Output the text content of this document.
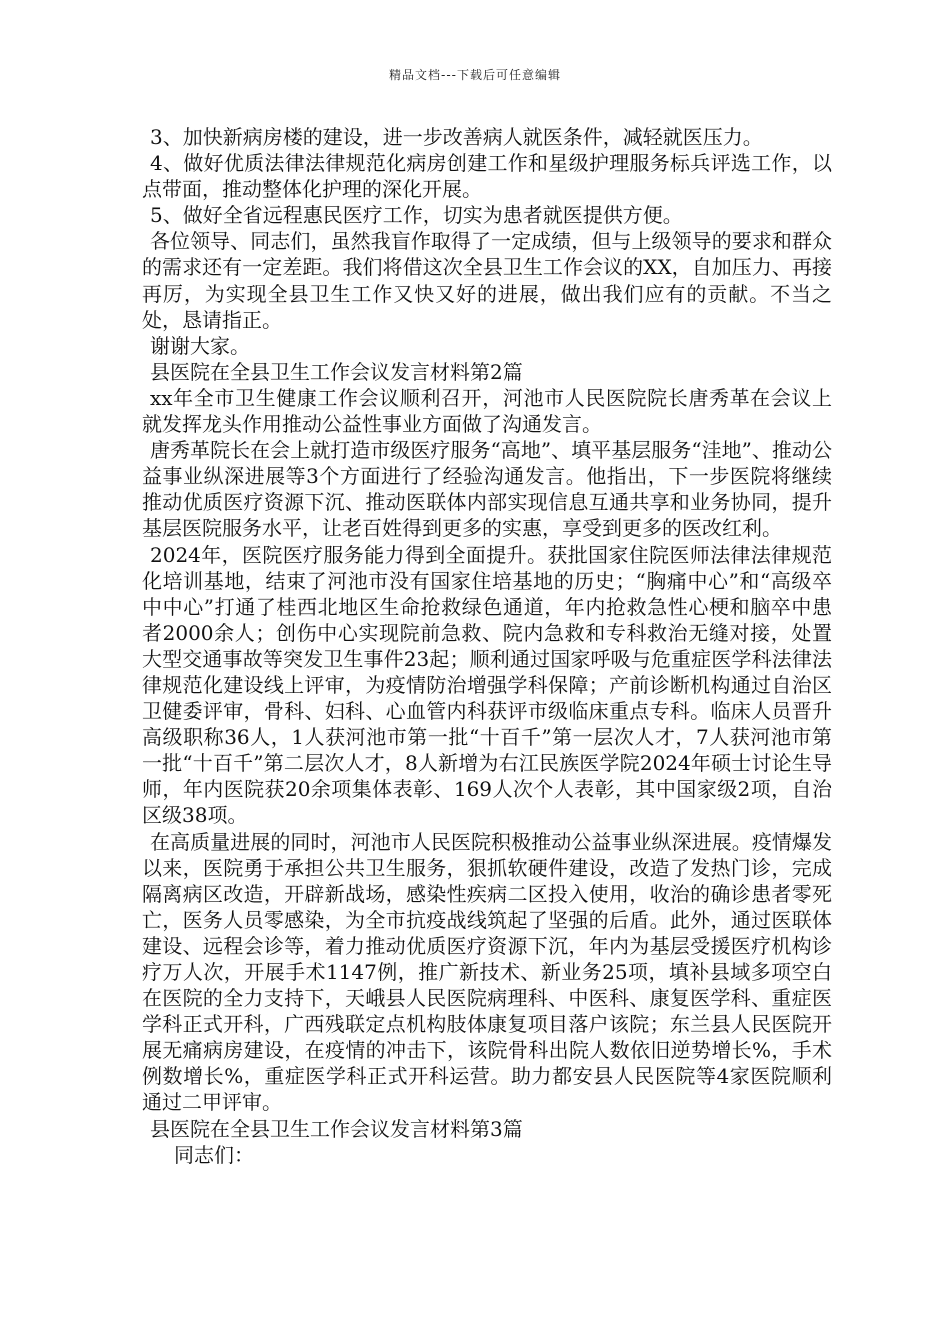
精品文档---下载后可任意编辑

3、加快新病房楼的建设，进一步改善病人就医条件，减轻就医压力。

4、做好优质法律法律规范化病房创建工作和星级护理服务标兵评选工作，以点带面，推动整体化护理的深化开展。

5、做好全省远程惠民医疗工作，切实为患者就医提供方便。

各位领导、同志们，虽然我盲作取得了一定成绩，但与上级领导的要求和群众的需求还有一定差距。我们将借这次全县卫生工作会议的XX，自加压力、再接再厉，为实现全县卫生工作又快又好的进展，做出我们应有的贡献。不当之处，恳请指正。

谢谢大家。

县医院在全县卫生工作会议发言材料第2篇

xx年全市卫生健康工作会议顺利召开，河池市人民医院院长唐秀革在会议上就发挥龙头作用推动公益性事业方面做了沟通发言。

唐秀革院长在会上就打造市级医疗服务“高地”、填平基层服务“洼地”、推动公益事业纵深进展等3个方面进行了经验沟通发言。他指出，下一步医院将继续推动优质医疗资源下沉、推动医联体内部实现信息互通共享和业务协同，提升基层医院服务水平，让老百姓得到更多的实惠，享受到更多的医改红利。

2024年，医院医疗服务能力得到全面提升。获批国家住院医师法律法律规范化培训基地，结束了河池市没有国家住培基地的历史；“胸痛中心”和“高级卒中中心”打通了桂西北地区生命抢救绿色通道，年内抢救急性心梗和脑卒中患者2000余人；创伤中心实现院前急救、院内急救和专科救治无缝对接，处置大型交通事故等突发卫生事件23起；顺利通过国家呼吸与危重症医学科法律法律规范化建设线上评审，为疫情防治增强学科保障；产前诊断机构通过自治区卫健委评审，骨科、妇科、心血管内科获评市级临床重点专科。临床人员晋升高级职称36人，1人获河池市第一批“十百千”第一层次人才，7人获河池市第一批“十百千”第二层次人才，8人新增为右江民族医学院2024年硕士讨论生导师，年内医院获20余项集体表彰、169人次个人表彰，其中国家级2项，自治区级38项。

在高质量进展的同时，河池市人民医院积极推动公益事业纵深进展。疫情爆发以来，医院勇于承担公共卫生服务，狠抓软硬件建设，改造了发热门诊，完成隔离病区改造，开辟新战场，感染性疾病二区投入使用，收治的确诊患者零死亡，医务人员零感染，为全市抗疫战线筑起了坚强的后盾。此外，通过医联体建设、远程会诊等，着力推动优质医疗资源下沉，年内为基层受援医疗机构诊疗万人次，开展手术1147例，推广新技术、新业务25项，填补县域多项空白在医院的全力支持下，天峨县人民医院病理科、中医科、康复医学科、重症医学科正式开科，广西残联定点机构肢体康复项目落户该院；东兰县人民医院开展无痛病房建设，在疫情的冲击下，该院骨科出院人数依旧逆势增长%，手术例数增长%，重症医学科正式开科运营。助力都安县人民医院等4家医院顺利通过二甲评审。

县医院在全县卫生工作会议发言材料第3篇

同志们：
